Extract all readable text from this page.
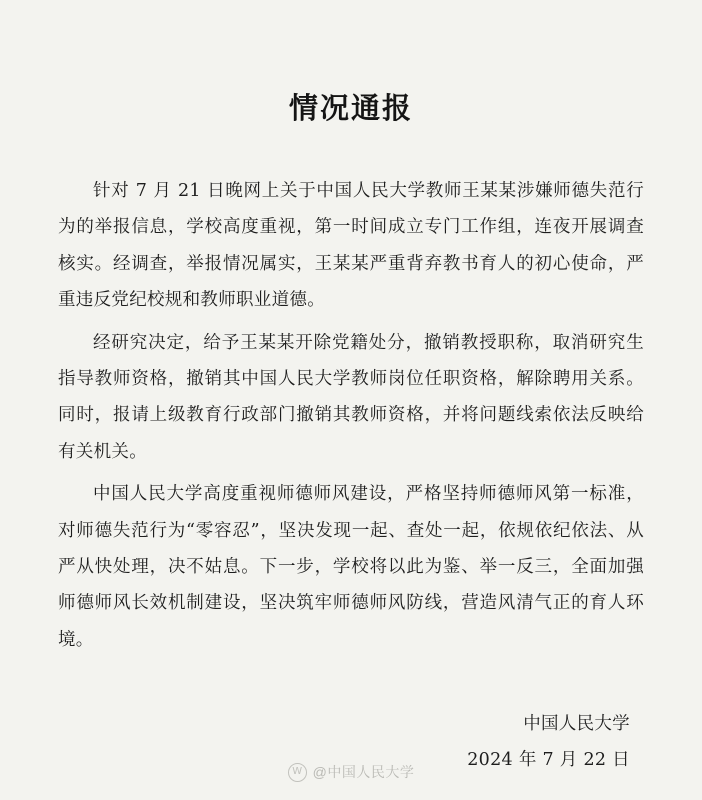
情况通报

针对 7 月 21 日晚网上关于中国人民大学教师王某某涉嫌师德失范行为的举报信息，学校高度重视，第一时间成立专门工作组，连夜开展调查核实。经调查，举报情况属实，王某某严重背弃教书育人的初心使命，严重违反党纪校规和教师职业道德。

经研究决定，给予王某某开除党籍处分，撤销教授职称，取消研究生指导教师资格，撤销其中国人民大学教师岗位任职资格，解除聘用关系。同时，报请上级教育行政部门撤销其教师资格，并将问题线索依法反映给有关机关。

中国人民大学高度重视师德师风建设，严格坚持师德师风第一标准，对师德失范行为“零容忍”，坚决发现一起、查处一起，依规依纪依法、从严从快处理，决不姑息。下一步，学校将以此为鉴、举一反三，全面加强师德师风长效机制建设，坚决筑牢师德师风防线，营造风清气正的育人环境。

中国人民大学
2024 年 7 月 22 日
W @中国人民大学
